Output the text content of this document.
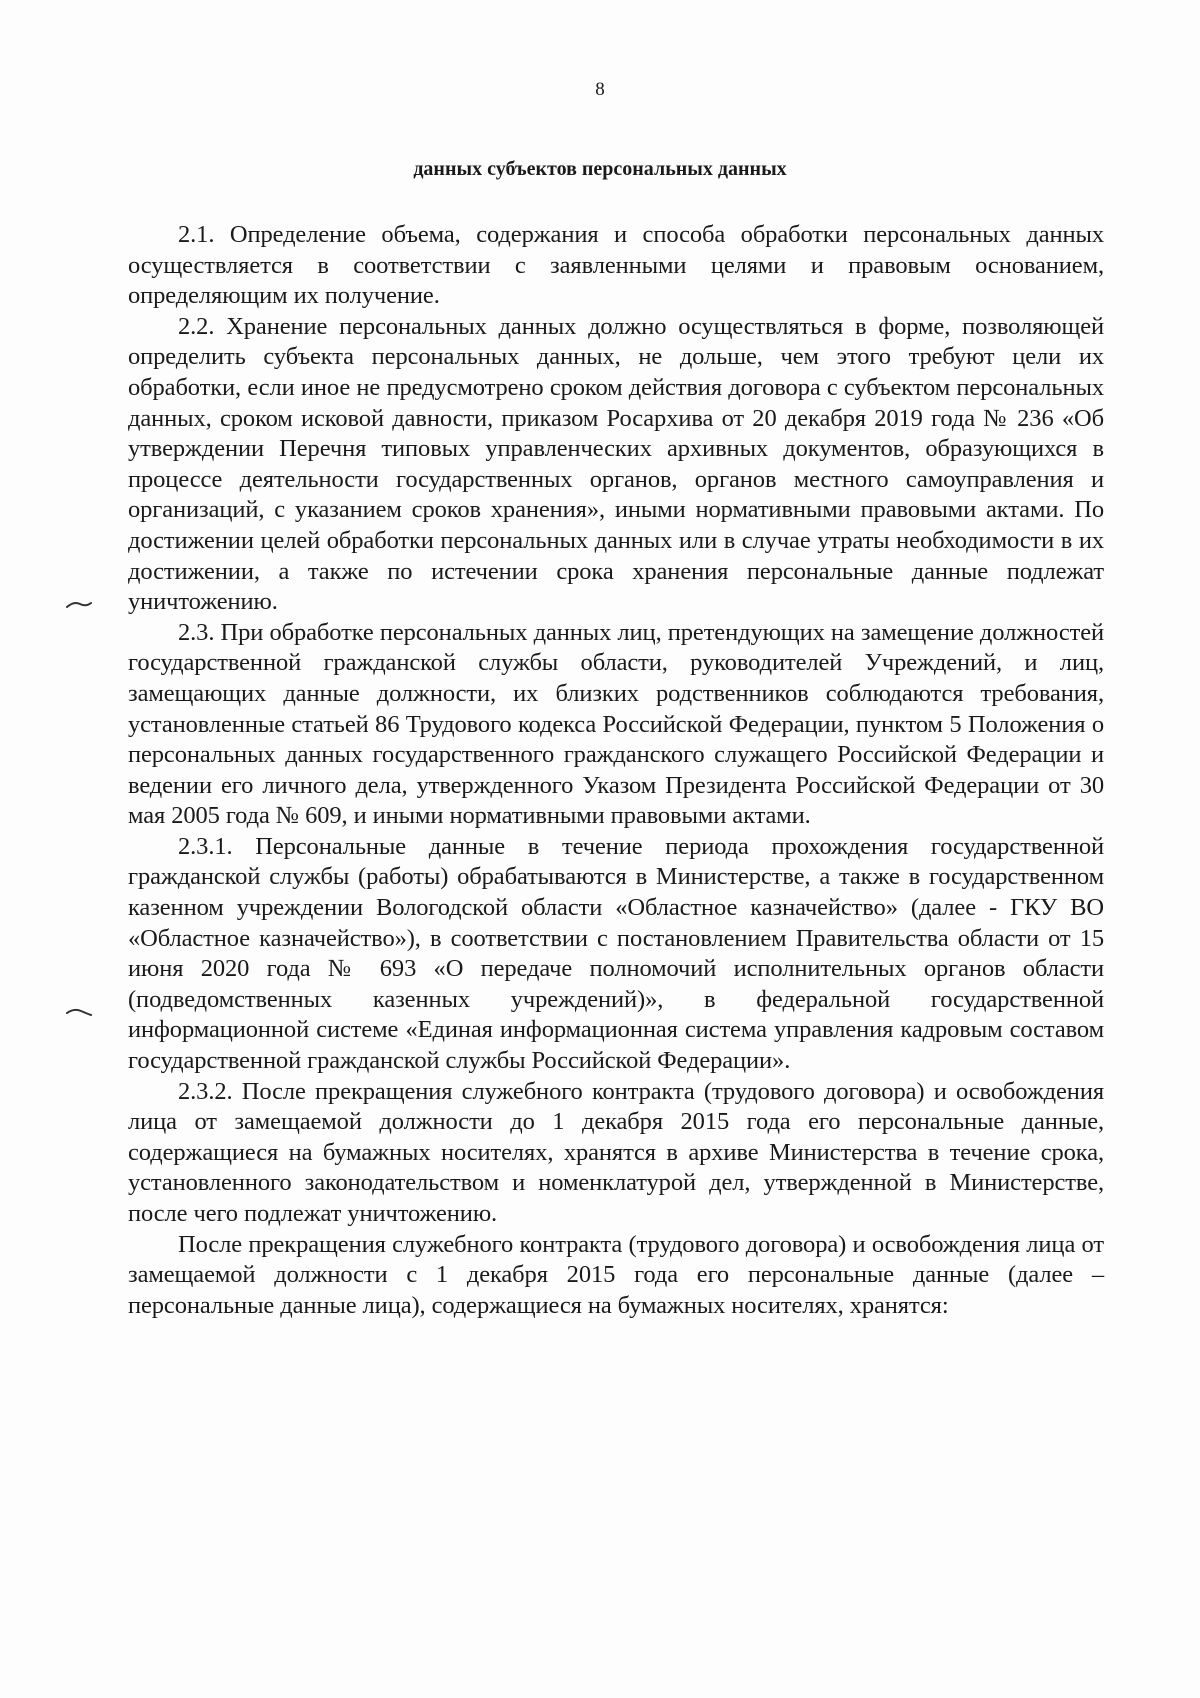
8
данных субъектов персональных данных

2.1. Определение объема, содержания и способа обработки персональных данных осуществляется в соответствии с заявленными целями и правовым основанием, определяющим их получение.

2.2. Хранение персональных данных должно осуществляться в форме, позволяющей определить субъекта персональных данных, не дольше, чем этого требуют цели их обработки, если иное не предусмотрено сроком действия договора с субъектом персональных данных, сроком исковой давности, приказом Росархива от 20 декабря 2019 года № 236 «Об утверждении Перечня типовых управленческих архивных документов, образующихся в процессе деятельности государственных органов, органов местного самоуправления и организаций, с указанием сроков хранения», иными нормативными правовыми актами. По достижении целей обработки персональных данных или в случае утраты необходимости в их достижении, а также по истечении срока хранения персональные данные подлежат уничтожению.

2.3. При обработке персональных данных лиц, претендующих на замещение должностей государственной гражданской службы области, руководителей Учреждений, и лиц, замещающих данные должности, их близких родственников соблюдаются требования, установленные статьей 86 Трудового кодекса Российской Федерации, пунктом 5 Положения о персональных данных государственного гражданского служащего Российской Федерации и ведении его личного дела, утвержденного Указом Президента Российской Федерации от 30 мая 2005 года № 609, и иными нормативными правовыми актами.

2.3.1. Персональные данные в течение периода прохождения государственной гражданской службы (работы) обрабатываются в Министерстве, а также в государственном казенном учреждении Вологодской области «Областное казначейство» (далее - ГКУ ВО «Областное казначейство»), в соответствии с постановлением Правительства области от 15 июня 2020 года № 693 «О передаче полномочий исполнительных органов области (подведомственных казенных учреждений)», в федеральной государственной информационной системе «Единая информационная система управления кадровым составом государственной гражданской службы Российской Федерации».

2.3.2. После прекращения служебного контракта (трудового договора) и освобождения лица от замещаемой должности до 1 декабря 2015 года его персональные данные, содержащиеся на бумажных носителях, хранятся в архиве Министерства в течение срока, установленного законодательством и номенклатурой дел, утвержденной в Министерстве, после чего подлежат уничтожению.

После прекращения служебного контракта (трудового договора) и освобождения лица от замещаемой должности с 1 декабря 2015 года его персональные данные (далее – персональные данные лица), содержащиеся на бумажных носителях, хранятся:
